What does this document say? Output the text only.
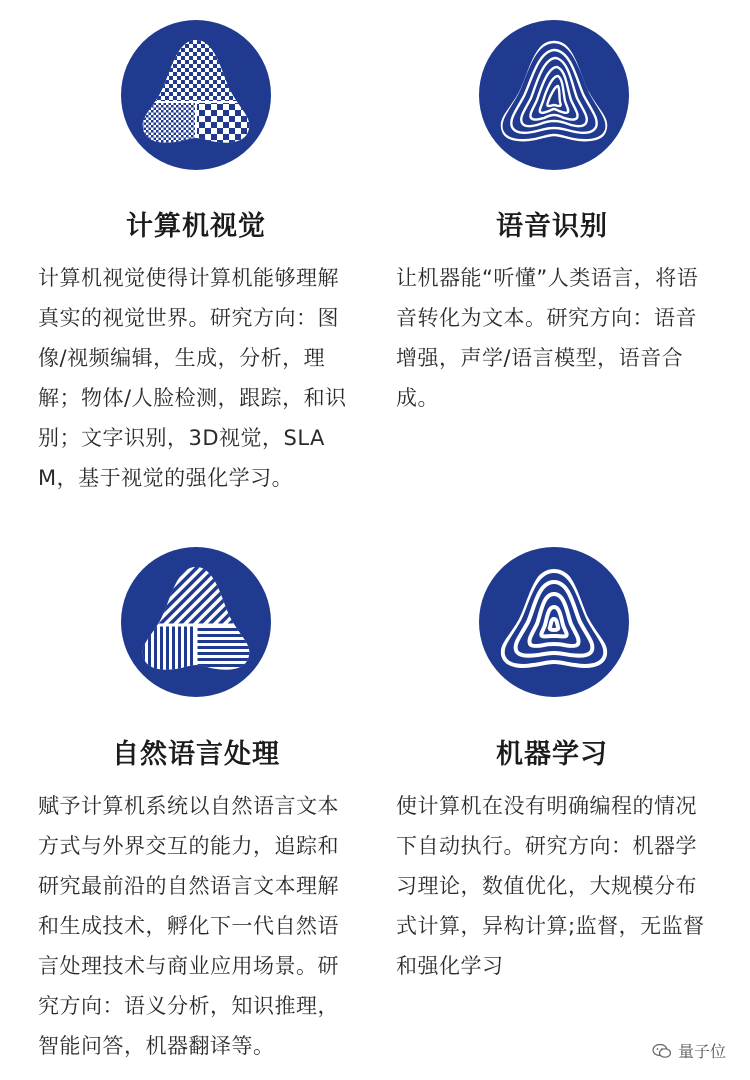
计算机视觉
计算机视觉使得计算机能够理解真实的视觉世界。研究方向：图像/视频编辑，生成，分析，理解；物体/人脸检测，跟踪，和识别；文字识别，3D视觉，SLAM，基于视觉的强化学习。
语音识别
让机器能“听懂”人类语言，将语音转化为文本。研究方向：语音增强，声学/语言模型，语音合成。
自然语言处理
赋予计算机系统以自然语言文本方式与外界交互的能力，追踪和研究最前沿的自然语言文本理解和生成技术，孵化下一代自然语言处理技术与商业应用场景。研究方向：语义分析，知识推理，智能问答，机器翻译等。
机器学习
使计算机在没有明确编程的情况下自动执行。研究方向：机器学习理论，数值优化，大规模分布式计算，异构计算;监督，无监督和强化学习
量子位
